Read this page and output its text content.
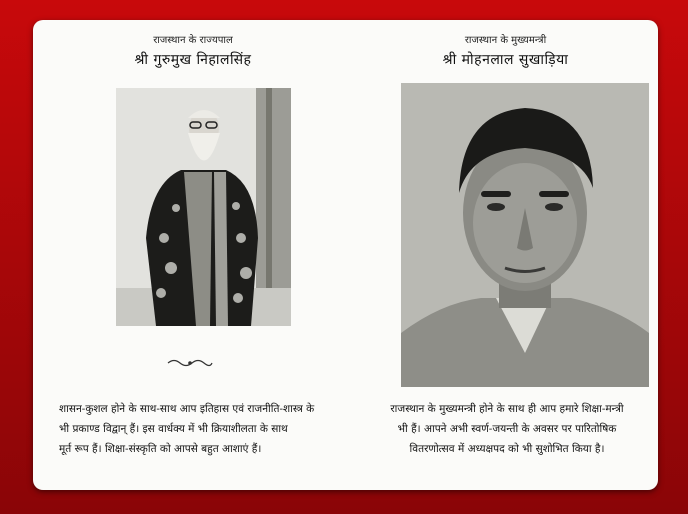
राजस्थान के राज्यपाल
श्री गुरुमुख निहालसिंह
शासन-कुशल होने के साथ-साथ आप इतिहास एवं राजनीति-शास्त्र के
भी प्रकाण्ड विद्वान् हैं। इस वार्धक्य में भी क्रियाशीलता के साथ
मूर्त रूप हैं। शिक्षा-संस्कृति को आपसे बहुत आशाएं हैं।
राजस्थान के मुख्यमन्त्री
श्री मोहनलाल सुखाड़िया
राजस्थान के मुख्यमन्त्री होने के साथ ही आप हमारे शिक्षा-मन्त्री
भी हैं। आपने अभी स्वर्ण-जयन्ती के अवसर पर पारितोषिक
वितरणोत्सव में अध्यक्षपद को भी सुशोभित किया है।
